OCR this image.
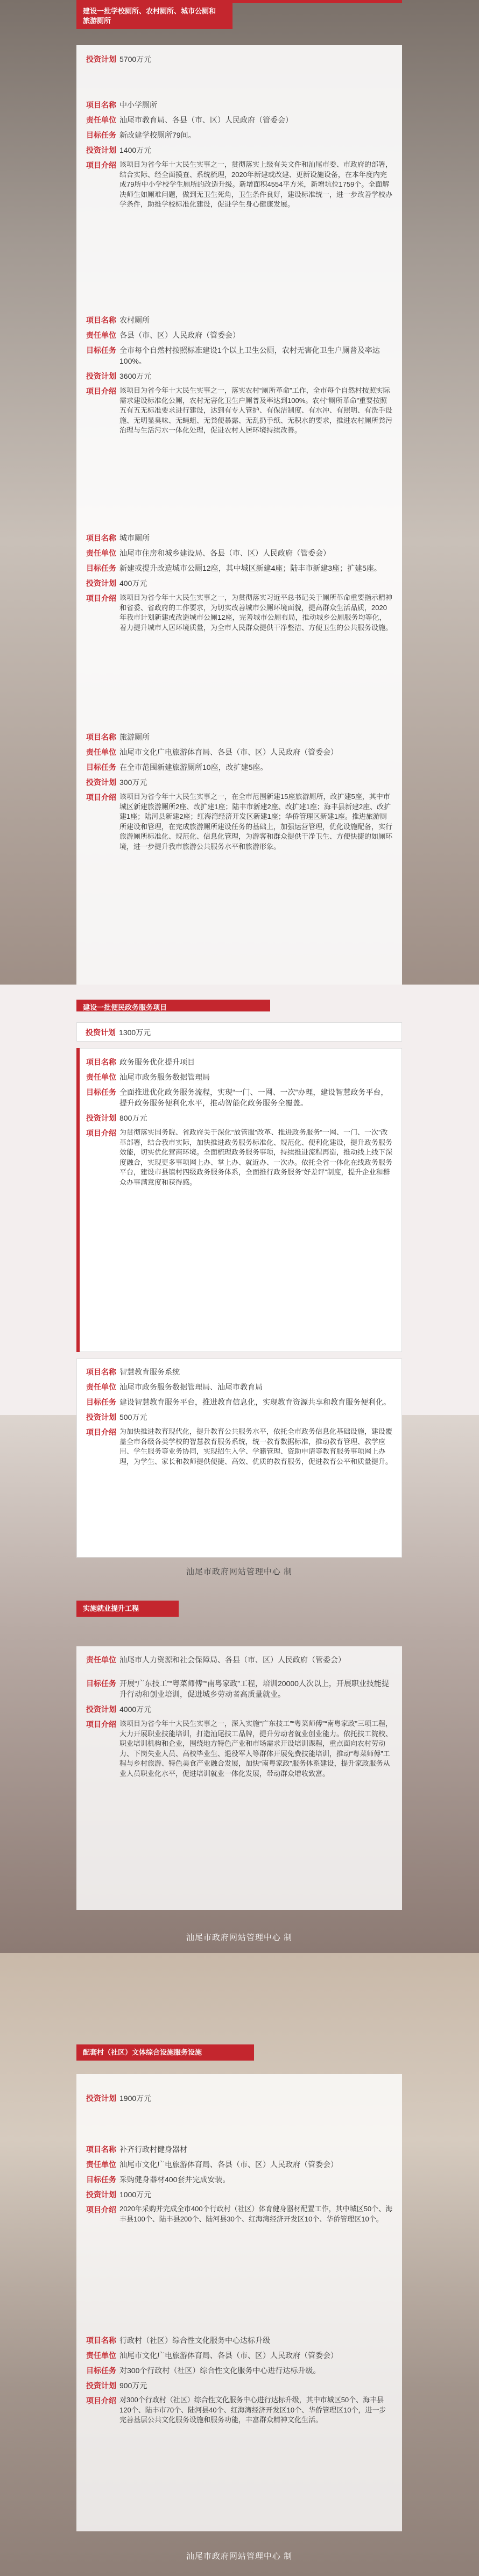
建设一批学校厕所、农村厕所、城市公厕和
旅游厕所
投资计划 5700万元
项目名称 中小学厕所
责任单位 汕尾市教育局、各县（市、区）人民政府（管委会）
目标任务 新改建学校厕所79间。
投资计划 1400万元
项目介绍 该项目为省今年十大民生实事之一，贯彻落实上级有关文件和汕尾市委、市政府的部署，结合实际、经全面摸查、系统梳理，2020年新建或改建、更新设施设备，在本年度内完成79所中小学校学生厕所的改造升级。新增面积4554平方米，新增坑位1759个。全面解决师生如厕难问题，做到无卫生死角，卫生条件良好，建设标准统一，进一步改善学校办学条件，助推学校标准化建设，促进学生身心健康发展。
项目名称 农村厕所
责任单位 各县（市、区）人民政府（管委会）
目标任务 全市每个自然村按照标准建设1个以上卫生公厕，农村无害化卫生户厕普及率达100%。
投资计划 3600万元
项目介绍 该项目为省今年十大民生实事之一，落实农村“厕所革命”工作，全市每个自然村按照实际需求建设标准化公厕，农村无害化卫生户厕普及率达到100%。农村“厕所革命”重要按照五有五无标准要求进行建设，达到有专人管护、有保洁制度、有水冲、有照明、有洗手设施、无明显臭味、无蝇蛆、无粪便暴露、无乱扔手纸、无积水的要求，推进农村厕所粪污治理与生活污水一体化处理，促进农村人居环境持续改善。
项目名称 城市厕所
责任单位 汕尾市住房和城乡建设局、各县（市、区）人民政府（管委会）
目标任务 新建或提升改造城市公厕12座，其中城区新建4座；陆丰市新建3座；扩建5座。
投资计划 400万元
项目介绍 该项目为省今年十大民生实事之一，为贯彻落实习近平总书记关于厕所革命重要指示精神和省委、省政府的工作要求，为切实改善城市公厕环境面貌，提高群众生活品质，2020年我市计划新建或改造城市公厕12座，完善城市公厕布局，推动城乡公厕服务均等化，着力提升城市人居环境质量，为全市人民群众提供干净整洁、方便卫生的公共服务设施。
项目名称 旅游厕所
责任单位 汕尾市文化广电旅游体育局、各县（市、区）人民政府（管委会）
目标任务 在全市范围新建旅游厕所10座，改扩建5座。
投资计划 300万元
项目介绍 该项目为省今年十大民生实事之一，在全市范围新建15座旅游厕所，改扩建5座，其中市城区新建旅游厕所2座、改扩建1座；陆丰市新建2座、改扩建1座；海丰县新建2座、改扩建1座；陆河县新建2座；红海湾经济开发区新建1座；华侨管理区新建1座。推进旅游厕所建设和管理，在完成旅游厕所建设任务的基础上，加强运营管理，优化设施配备，实行旅游厕所标准化、规范化、信息化管理，为游客和群众提供干净卫生、方便快捷的如厕环境，进一步提升我市旅游公共服务水平和旅游形象。
建设一批便民政务服务项目
投资计划 1300万元
项目名称 政务服务优化提升项目
责任单位 汕尾市政务服务数据管理局
目标任务 全面推进优化政务服务流程，实现“一门、一网、一次”办理，建设智慧政务平台，提升政务服务便利化水平，推动智能化政务服务全覆盖。
投资计划 800万元
项目介绍 为贯彻落实国务院、省政府关于深化“放管服”改革、推进政务服务“一网、一门、一次”改革部署，结合我市实际，加快推进政务服务标准化、规范化、便利化建设，提升政务服务效能，切实优化营商环境。全面梳理政务服务事项，持续推进流程再造，推动线上线下深度融合，实现更多事项网上办、掌上办、就近办、一次办。依托全省一体化在线政务服务平台，建设市县镇村四级政务服务体系，全面推行政务服务“好差评”制度，提升企业和群众办事满意度和获得感。
项目名称 智慧教育服务系统
责任单位 汕尾市政务服务数据管理局、汕尾市教育局
目标任务 建设智慧教育服务平台，推进教育信息化，实现教育资源共享和教育服务便利化。
投资计划 500万元
项目介绍 为加快推进教育现代化，提升教育公共服务水平，依托全市政务信息化基础设施，建设覆盖全市各级各类学校的智慧教育服务系统，统一教育数据标准，推动教育管理、教学应用、学生服务等业务协同，实现招生入学、学籍管理、资助申请等教育服务事项网上办理，为学生、家长和教师提供便捷、高效、优质的教育服务，促进教育公平和质量提升。
汕尾市政府网站管理中心 制
实施就业提升工程
责任单位 汕尾市人力资源和社会保障局、各县（市、区）人民政府（管委会）
目标任务 开展“广东技工”“粤菜师傅”“南粤家政”工程，培训20000人次以上，开展职业技能提升行动和创业培训，促进城乡劳动者高质量就业。
投资计划 4000万元
项目介绍 该项目为省今年十大民生实事之一，深入实施“广东技工”“粤菜师傅”“南粤家政”三项工程，大力开展职业技能培训，打造汕尾技工品牌，提升劳动者就业创业能力。依托技工院校、职业培训机构和企业，围绕地方特色产业和市场需求开设培训课程，重点面向农村劳动力、下岗失业人员、高校毕业生、退役军人等群体开展免费技能培训，推动“粤菜师傅”工程与乡村旅游、特色美食产业融合发展，加快“南粤家政”服务体系建设，提升家政服务从业人员职业化水平，促进培训就业一体化发展，带动群众增收致富。
汕尾市政府网站管理中心 制
配套村（社区）文体综合设施服务设施
投资计划 1900万元
项目名称 补齐行政村健身器材
责任单位 汕尾市文化广电旅游体育局、各县（市、区）人民政府（管委会）
目标任务 采购健身器材400套并完成安装。
投资计划 1000万元
项目介绍 2020年采购并完成全市400个行政村（社区）体育健身器材配置工作，其中城区50个、海丰县100个、陆丰县200个、陆河县30个、红海湾经济开发区10个、华侨管理区10个。
项目名称 行政村（社区）综合性文化服务中心达标升级
责任单位 汕尾市文化广电旅游体育局、各县（市、区）人民政府（管委会）
目标任务 对300个行政村（社区）综合性文化服务中心进行达标升级。
投资计划 900万元
项目介绍 对300个行政村（社区）综合性文化服务中心进行达标升级，其中市城区50个、海丰县120个、陆丰市70个、陆河县40个、红海湾经济开发区10个、华侨管理区10个，进一步完善基层公共文化服务设施和服务功能，丰富群众精神文化生活。
汕尾市政府网站管理中心 制
